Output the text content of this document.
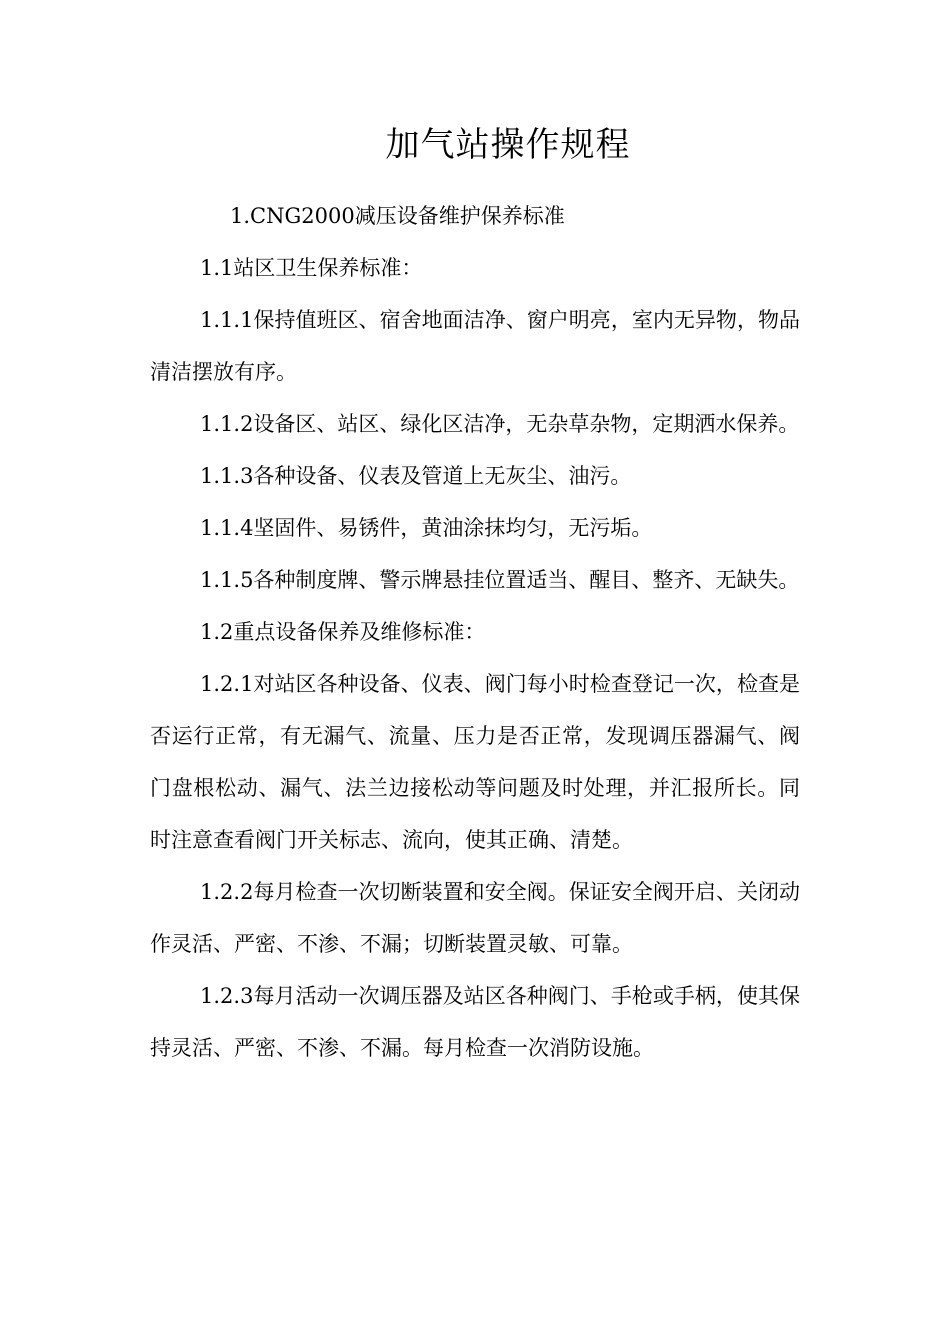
加气站操作规程

1.CNG2000减压设备维护保养标准

1.1站区卫生保养标准：

1.1.1保持值班区、宿舍地面洁净、窗户明亮，室内无异物，物品清洁摆放有序。

1.1.2设备区、站区、绿化区洁净，无杂草杂物，定期洒水保养。

1.1.3各种设备、仪表及管道上无灰尘、油污。

1.1.4坚固件、易锈件，黄油涂抹均匀，无污垢。

1.1.5各种制度牌、警示牌悬挂位置适当、醒目、整齐、无缺失。

1.2重点设备保养及维修标准：

1.2.1对站区各种设备、仪表、阀门每小时检查登记一次，检查是否运行正常，有无漏气、流量、压力是否正常，发现调压器漏气、阀门盘根松动、漏气、法兰边接松动等问题及时处理，并汇报所长。同时注意查看阀门开关标志、流向，使其正确、清楚。

1.2.2每月检查一次切断装置和安全阀。保证安全阀开启、关闭动作灵活、严密、不渗、不漏；切断装置灵敏、可靠。

1.2.3每月活动一次调压器及站区各种阀门、手枪或手柄，使其保持灵活、严密、不渗、不漏。每月检查一次消防设施。
